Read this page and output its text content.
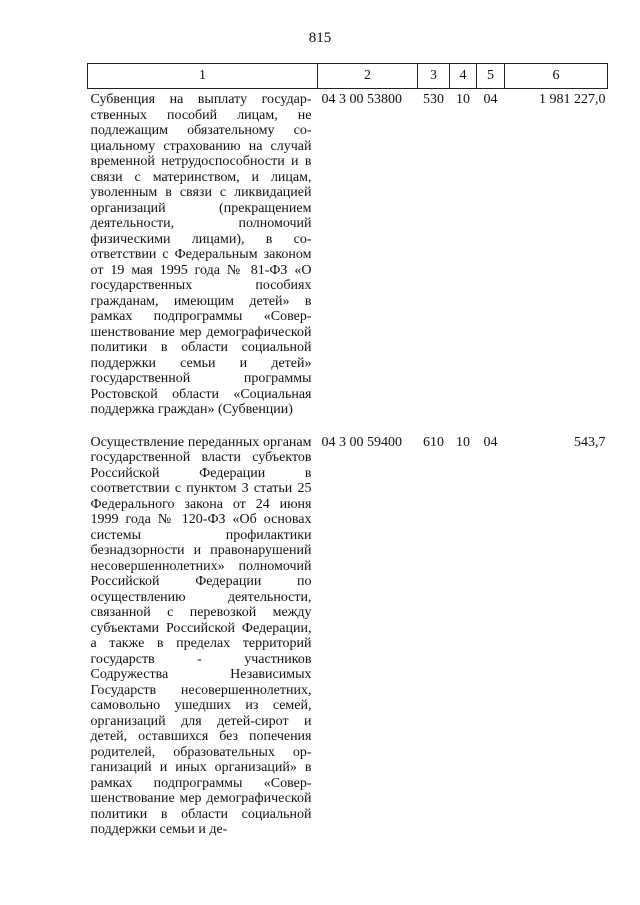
815
1	2	3	4	5	6
Субвенция на выплату государственных пособий лицам, не подлежащим обязательному социальному страхованию на случай временной нетрудоспособности и в связи с материнством, и лицам, уволенным в связи с ликвидацией организаций (прекращением деятельности, полномочий физическими лицами), в соответствии с Федеральным законом от 19 мая 1995 года № 81-ФЗ «О государственных пособиях гражданам, имеющим детей» в рамках подпрограммы «Совершенствование мер демографической политики в области социальной поддержки семьи и детей» государственной программы Ростовской области «Социальная поддержка граждан» (Субвенции)	04 3 00 53800	530	10	04	1 981 227,0
Осуществление переданных органам государственной власти субъектов Российской Федерации в соответствии с пунктом 3 статьи 25 Федерального закона от 24 июня 1999 года № 120-ФЗ «Об основах системы профилактики безнадзорности и правонарушений несовершеннолетних» полномочий Российской Федерации по осуществлению деятельности, связанной с перевозкой между субъектами Российской Федерации, а также в пределах территорий государств - участников Содружества Независимых Государств несовершеннолетних, самовольно ушедших из семей, организаций для детей-сирот и детей, оставшихся без попечения родителей, образовательных организаций и иных организаций» в рамках подпрограммы «Совершенствование мер демографической политики в области социальной поддержки семьи и де-	04 3 00 59400	610	10	04	543,7
